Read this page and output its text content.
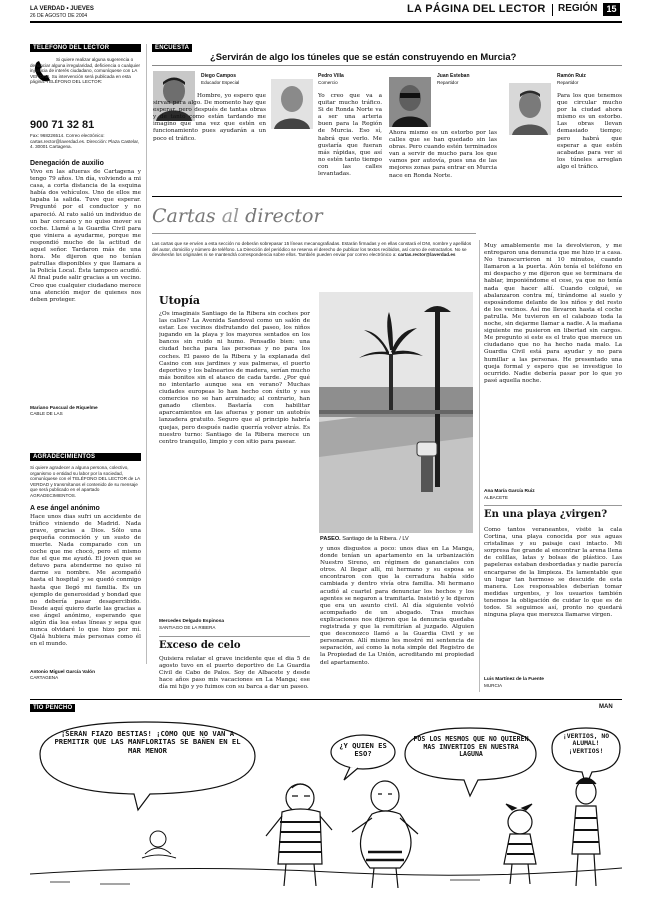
LA VERDAD • JUEVES
26 DE AGOSTO DE 2004
LA PÁGINA DEL LECTOR REGIÓN	15
TELÉFONO DEL LECTOR
Si quiere realizar alguna sugerencia o denunciar alguna irregularidad, deficiencia o cualquier injusticia de interés ciudadano, comuníquese con LA VERDAD. Su intervención será publicada en esta página. TELÉFONO DEL LECTOR:
900 71 32 81
Fax: 968226514. Correo electrónico: cartas.rector@laverdad.es. Dirección: Plaza Castelar, 4. 30001 Cartagena.
Denegación de auxilio
Vivo en las afueras de Cartagena y tengo 79 años. Un día, volviendo a mi casa, a corta distancia de la esquina había dos vehículos. Uno de ellos me tapaba la salida. Tuve que esperar. Pregunté por el conductor y no apareció. Al rato salió un individuo de un bar cercano y no quiso mover su coche. Llamé a la Guardia Civil para que viniera a ayudarme, porque me respondió mucho de la actitud de aquel señor. Tardaron más de una hora. Me dijeron que no tenían patrullas disponibles y que llamara a la Policía Local. Ésta tampoco acudió. Al final pude salir gracias a un vecino. Creo que cualquier ciudadano merece una atención mejor de quienes nos deben proteger.
Mariano Pascual de Riquelme
CABLE DE LAS
AGRADECIMIENTOS
Si quiere agradecer a alguna persona, colectivo, organismo o entidad su labor por la sociedad, comuníquese con el TELÉFONO DEL LECTOR de LA VERDAD y transmítanos el contenido de su mensaje que será publicado en el apartado AGRADECIMIENTOS.
A ese ángel anónimo
Hace unos días sufrí un accidente de tráfico viniendo de Madrid. Nada grave, gracias a Dios. Sólo una pequeña conmoción y un susto de muerte. Nada comparado con un coche que me chocó, pero el mismo fue el que me ayudó. El joven que se detuvo para atenderme no quiso ni darme su nombre. Me acompañó hasta el hospital y se quedó conmigo hasta que llegó mi familia. Es un ejemplo de generosidad y bondad que no debería pasar desapercibido. Desde aquí quiero darle las gracias a ese ángel anónimo, esperando que algún día lea estas líneas y sepa que nunca olvidaré lo que hizo por mí. Ojalá hubiera más personas como él en el mundo.
Antonio Miguel García Valón
CARTAGENA
ENCUESTA
¿Servirán de algo los túneles que se están construyendo en Murcia?
Diego Campos
Educador Especial
Hombre, yo espero que sirvan para algo. De momento hay que esperar, pero después de tantas obras y de tanto como están tardando me imagino que una vez que estén en funcionamiento pues ayudarán a un poco el tráfico.
Pedro Villa
Comercio
Yo creo que va a quitar mucho tráfico. Si de Ronda Norte va a ser una arteria buen para la Región de Murcia. Eso sí, habrá que verlo. Me gustaría que fueran más rápidas, que así no estén tanto tiempo con las calles levantadas.
Juan Esteban
Repartidor
Ahora mismo es un estorbo por las calles que se han quedado sin las obras. Pero cuando estén terminados van a servir de mucho para los que vamos por autovía, pues una de las mejores zonas para entrar en Murcia nace en Ronda Norte.
Ramón Ruiz
Repartidor
Para los que tenemos que circular mucho por la ciudad ahora mismo es un estorbo. Las obras llevan demasiado tiempo; pero habrá que esperar a que estén acabadas para ver si los túneles arreglan algo el tráfico.
Cartas al director
Las cartas que se envíen a esta sección no deberán sobrepasar 15 líneas mecanografiadas. Estarán firmadas y en ellas constará el DNI, nombre y apellidos del autor, domicilio y número de teléfono. La Dirección del periódico se reserva el derecho de publicar los textos recibidos, así como de extractarlos. No se devolverán los originales ni se mantendrá correspondencia sobre ellos. También pueden enviar por correo electrónico a: cartas.rector@laverdad.es
Utopía
¿Os imagináis Santiago de la Ribera sin coches por las calles? La Avenida Sandoval como un salón de estar. Los vecinos disfrutando del paseo, los niños jugando en la playa y los mayores sentados en los bancos sin ruido ni humo. Pensadlo bien: una ciudad hecha para las personas y no para los coches. El paseo de la Ribera y la explanada del Casino con sus jardines y sus palmeras, el puerto deportivo y los balnearios de madera, serían mucho más bonitos sin el atasco de cada tarde. ¿Por qué no intentarlo aunque sea en verano? Muchas ciudades europeas lo han hecho con éxito y sus comercios no se han arruinado; al contrario, han ganado clientes. Bastaría con habilitar aparcamientos en las afueras y poner un autobús lanzadera gratuito. Seguro que al principio habría quejas, pero después nadie querría volver atrás. Es nuestro turno: Santiago de la Ribera merece un centro tranquilo, limpio y con sitio para pasear.
Mercedes Delgado Espinosa
SANTIAGO DE LA RIBERA
PASEO. Santiago de la Ribera. / LV
Exceso de celo
Quisiera relatar el grave incidente que el día 5 de agosto tuvo en el puerto deportivo de La Guardia Civil de Cabo de Palos. Soy de Albacete y desde hace años paso mis vacaciones en La Manga; ese día mi hijo y yo fuimos con su barca a dar un paseo.
y unos disgustos a poco: unos días en La Manga, donde tenían un apartamento en la urbanización Nuestro Sireno, en régimen de gananciales con otros. Al llegar allí, mi hermano y su esposa se encontraron con que la cerradura había sido cambiada y dentro vivía otra familia. Mi hermano acudió al cuartel para denunciar los hechos y los agentes se negaron a tramitarla. Insistió y le dijeron que era un asunto civil. Al día siguiente volvió acompañado de un abogado. Tras muchas explicaciones nos dijeron que la denuncia quedaba registrada y que la remitirían al juzgado. Alguien que desconozco llamó a la Guardia Civil y se personaron. Allí mismo les mostré mi sentencia de separación, así como la nota simple del Registro de la Propiedad de La Unión, acreditando mi propiedad del apartamento.
Muy amablemente me la devolvieron, y me entregaron una denuncia que me hizo ir a casa. No transcurrieron ni 10 minutos, cuando llamaron a la puerta. Aún tenía el teléfono en mi despacho y me dijeron que se terminara de hablar, imponiéndome el cese, ya que no tenía nada que hacer allí. Cuando colgué, se abalanzaron contra mí, tirándome al suelo y esposándome delante de los niños y del resto de los vecinos. Así me llevaron hasta el coche patrulla. Me tuvieron en el calabozo toda la noche, sin dejarme llamar a nadie. A la mañana siguiente me pusieron en libertad sin cargos. Me pregunto si este es el trato que merece un ciudadano que no ha hecho nada malo. La Guardia Civil está para ayudar y no para humillar a las personas. He presentado una queja formal y espero que se investigue lo ocurrido. Nadie debería pasar por lo que yo pasé aquella noche.
Ana María García Ruiz
ALBACETE
En una playa ¿virgen?
Como tantos veraneantes, visité la cala Cortina, una playa conocida por sus aguas cristalinas y su paisaje casi intacto. Mi sorpresa fue grande al encontrar la arena llena de colillas, latas y bolsas de plástico. Las papeleras estaban desbordadas y nadie parecía encargarse de la limpieza. Es lamentable que un lugar tan hermoso se descuide de esta manera. Los responsables deberían tomar medidas urgentes, y los usuarios también tenemos la obligación de cuidar lo que es de todos. Si seguimos así, pronto no quedará ninguna playa que merezca llamarse virgen.
Luis Martínez de la Fuente
MURCIA
TÍO PENCHO	MAN
¡SERÁN FIAZO BESTIAS! ¡CÓMO QUE NO VAN A PREMITIR QUE LAS MANFLORITAS SE BAÑEN EN EL MAR MENOR
¿Y QUIÉN ES ESO?
POS LOS MESMOS QUE NO QUIEREN MAS INVERTIOS EN NUESTRA LAGUNA
¡VERTIOS, NO ALUMAL! ¡VERTIOS!
